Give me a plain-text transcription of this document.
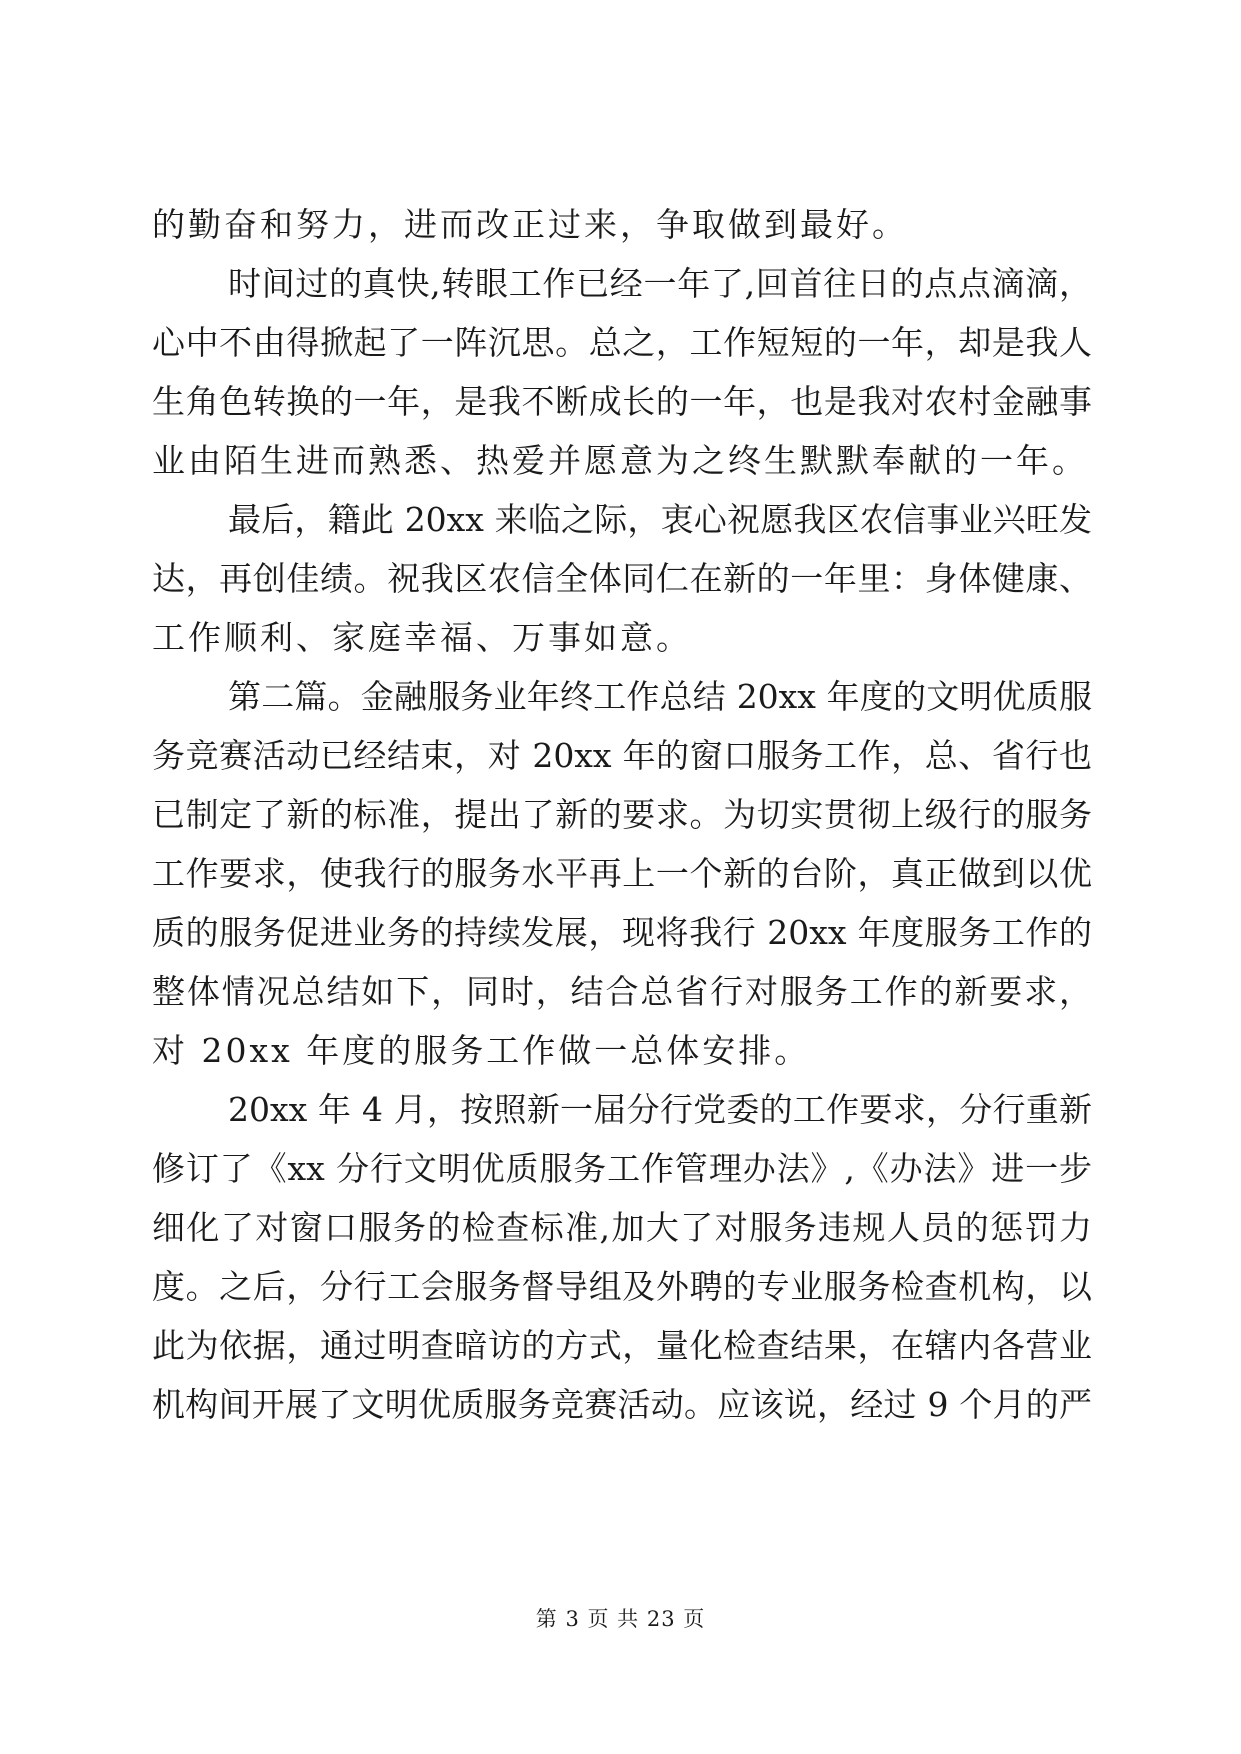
的勤奋和努力，进而改正过来，争取做到最好。
时间过的真快,转眼工作已经一年了,回首往日的点点滴滴，
心中不由得掀起了一阵沉思。总之，工作短短的一年，却是我人
生角色转换的一年，是我不断成长的一年，也是我对农村金融事
业由陌生进而熟悉、热爱并愿意为之终生默默奉献的一年。
最后，籍此 20xx 来临之际，衷心祝愿我区农信事业兴旺发
达，再创佳绩。祝我区农信全体同仁在新的一年里：身体健康、
工作顺利、家庭幸福、万事如意。
第二篇。金融服务业年终工作总结 20xx 年度的文明优质服
务竞赛活动已经结束，对 20xx 年的窗口服务工作，总、省行也
已制定了新的标准，提出了新的要求。为切实贯彻上级行的服务
工作要求，使我行的服务水平再上一个新的台阶，真正做到以优
质的服务促进业务的持续发展，现将我行 20xx 年度服务工作的
整体情况总结如下，同时，结合总省行对服务工作的新要求，
对 20xx 年度的服务工作做一总体安排。
20xx 年 4 月，按照新一届分行党委的工作要求，分行重新
修订了《xx 分行文明优质服务工作管理办法》,《办法》进一步
细化了对窗口服务的检查标准,加大了对服务违规人员的惩罚力
度。之后，分行工会服务督导组及外聘的专业服务检查机构，以
此为依据，通过明查暗访的方式，量化检查结果，在辖内各营业
机构间开展了文明优质服务竞赛活动。应该说，经过 9 个月的严
第 3 页 共 23 页
